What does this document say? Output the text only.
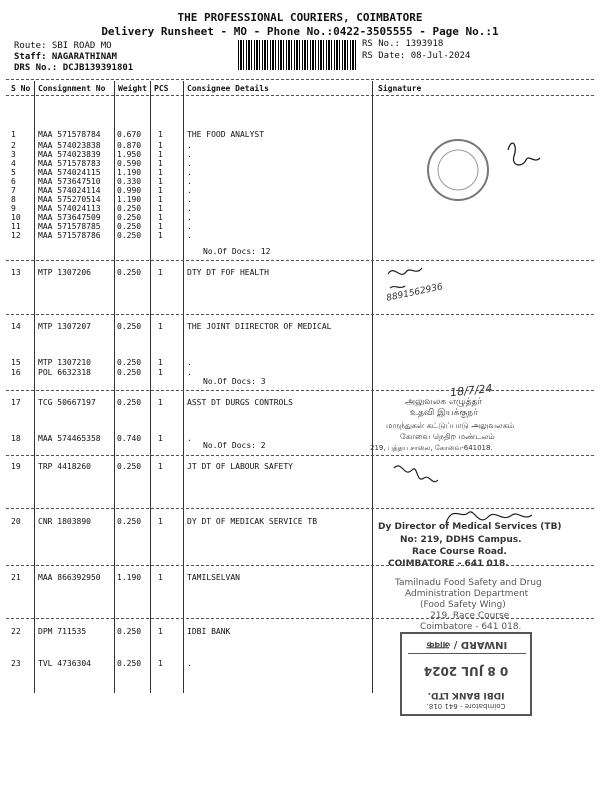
THE PROFESSIONAL COURIERS, COIMBATORE
Delivery Runsheet - MO - Phone No.:0422-3505555 - Page No.:1
Route: SBI ROAD MO
Staff: NAGARATHINAM
DRS No.: DCJB139391801
RS No.: 1393918
RS Date: 08-Jul-2024
S No Consignment No Weight PCS Consignee Details	Signature
1	MAA 571578784 0.670 1	THE FOOD ANALYST
2	MAA 574023838 0.870 1	.
3	MAA 574023839 1.950 1	.
4	MAA 571578783 0.590 1	.
5	MAA 574024115 1.190 1	.
6	MAA 573647510 0.330 1	.
7	MAA 574024114 0.990 1	.
8	MAA 575270514 1.190 1	.
9	MAA 574024113 0.250 1	.
10 MAA 573647509 0.250 1	.
11 MAA 571578785 0.250 1	.
12 MAA 571578786 0.250 1	.
13 MTP 1307206	0.250 1	DTY DT FOF HEALTH
14 MTP 1307207	0.250 1	THE JOINT DIIRECTOR OF MEDICAL
15 MTP 1307210	0.250 1	.
16 POL 6632318	0.250 1	.
17 TCG 50667197	0.250 1	ASST DT DURGS CONTROLS
18 MAA 574465358 0.740 1	.
19 TRP 4418260	0.250 1	JT DT OF LABOUR SAFETY
20 CNR 1803890	0.250 1	DY DT OF MEDICAK SERVICE TB
21 MAA 866392950 1.190 1	TAMILSELVAN
22 DPM 711535	0.250 1	IDBI BANK
23 TVL 4736304	0.250 1	.
No.Of Docs: 12
No.Of Docs: 3
No.Of Docs: 2
8891562936
18/7/24
அலுவலக எழுத்தர்
உதவி இயக்குநர்
மருந்துகள் கட்டுப்பாடு அலுவலகம்
கோவை நெதிற மண்டலம்
219, புத்தய சாலை, கோவை-641018.
Dy Director of Medical Services (TB)
No: 219, DDHS Campus.
Race Course Road.
COIMBATORE - 641 018.
Tamilnadu Food Safety and Drug
Administration Department
(Food Safety Wing)
219, Race Course
Coimbatore - 641 018.
Coimbatore - 641 018.
IDBI BANK LTD.
0 8 JUL 2024
INWARD / आवक
